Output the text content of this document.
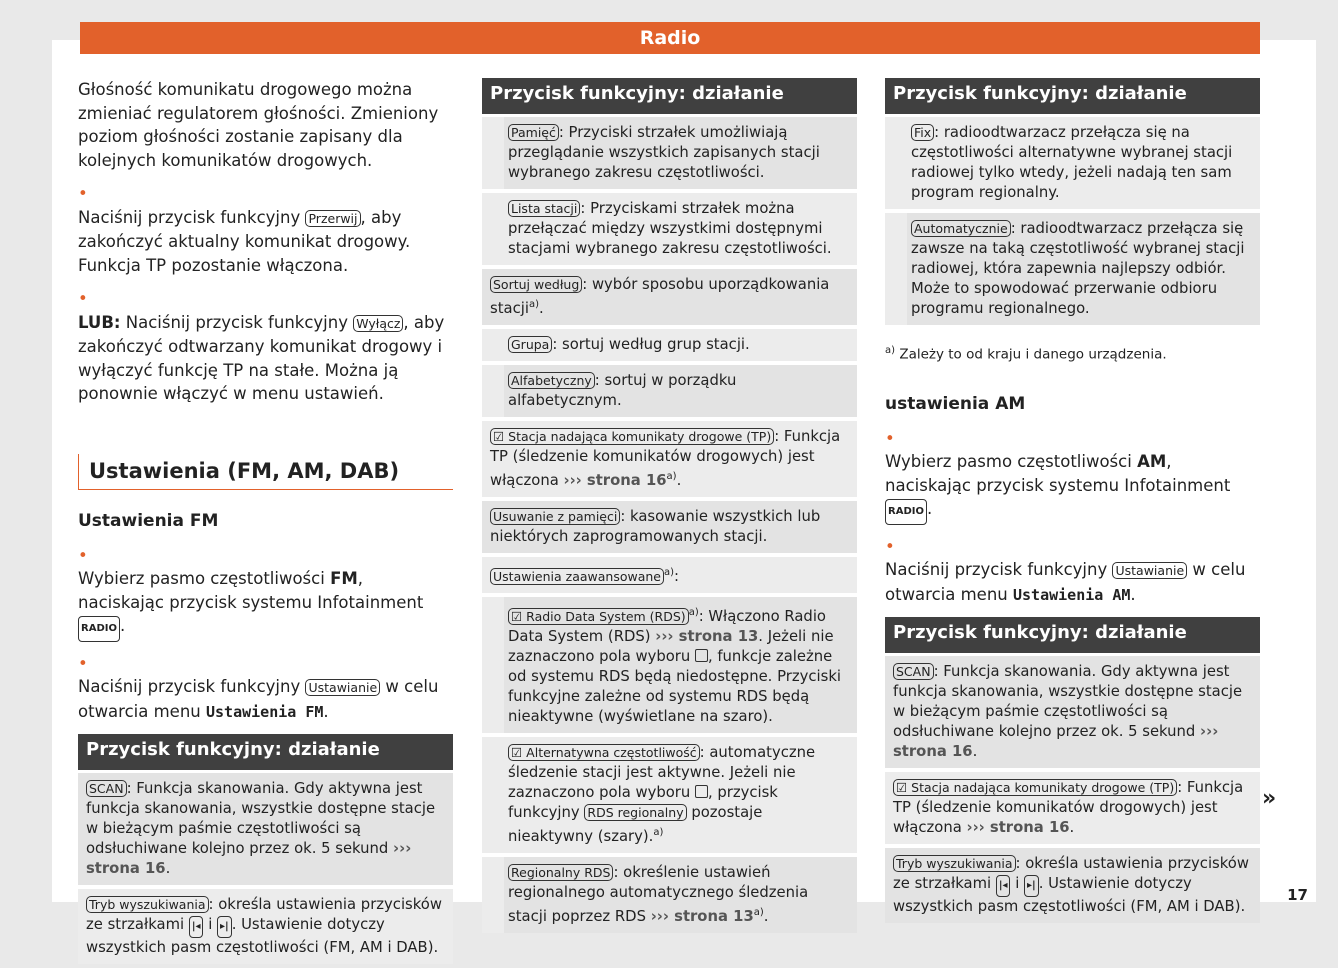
Radio

Głośność komunikatu drogowego można zmieniać regulatorem głośności. Zmieniony poziom głośności zostanie zapisany dla kolejnych komunikatów drogowych.

• Naciśnij przycisk funkcyjny Przerwij , aby zakończyć aktualny komunikat drogowy. Funkcja TP pozostanie włączona.

• LUB: Naciśnij przycisk funkcyjny Wyłącz , aby zakończyć odtwarzany komunikat drogowy i wyłączyć funkcję TP na stałe. Można ją ponownie włączyć w menu ustawień.

Ustawienia (FM, AM, DAB)
Ustawienia FM

• Wybierz pasmo częstotliwości FM, naciskając przycisk systemu Infotainment RADIO .

• Naciśnij przycisk funkcyjny Ustawianie w celu otwarcia menu Ustawienia FM.

Przycisk funkcyjny: działanie
SCAN : Funkcja skanowania. Gdy aktywna jest funkcja skanowania, wszystkie dostępne stacje w bieżącym paśmie częstotliwości są odsłuchiwane kolejno przez ok. 5 sekund ››› strona 16.
Tryb wyszukiwania : określa ustawienia przycisków ze strzałkami |◂ i ▸| . Ustawienie dotyczy wszystkich pasm częstotliwości (FM, AM i DAB).
Przycisk funkcyjny: działanie
Pamięć : Przyciski strzałek umożliwiają przeglądanie wszystkich zapisanych stacji wybranego zakresu częstotliwości.
Lista stacji : Przyciskami strzałek można przełączać między wszystkimi dostępnymi stacjami wybranego zakresu częstotliwości.
Sortuj według : wybór sposobu uporządkowania stacji$^{a)}$.
Grupa : sortuj według grup stacji.
Alfabetyczny : sortuj w porządku alfabetycznym.
☑ Stacja nadająca komunikaty drogowe (TP) : Funkcja TP (śledzenie komunikatów drogowych) jest włączona ››› strona 16$^{a)}$.
Usuwanie z pamięci : kasowanie wszystkich lub niektórych zaprogramowanych stacji.
Ustawienia zaawansowane $^{a)}$:
☑ Radio Data System (RDS) $^{a)}$: Włączono Radio Data System (RDS) ››› strona 13. Jeżeli nie zaznaczono pola wyboru , funkcje zależne od systemu RDS będą niedostępne. Przyciski funkcyjne zależne od systemu RDS będą nieaktywne (wyświetlane na szaro).
☑ Alternatywna częstotliwość : automatyczne śledzenie stacji jest aktywne. Jeżeli nie zaznaczono pola wyboru , przycisk funkcyjny RDS regionalny pozostaje nieaktywny (szary).$^{a)}$
Regionalny RDS : określenie ustawień regionalnego automatycznego śledzenia stacji poprzez RDS ››› strona 13$^{a)}$.
Przycisk funkcyjny: działanie
Fix : radioodtwarzacz przełącza się na częstotliwości alternatywne wybranej stacji radiowej tylko wtedy, jeżeli nadają ten sam program regionalny.
Automatycznie : radioodtwarzacz przełącza się zawsze na taką częstotliwość wybranej stacji radiowej, która zapewnia najlepszy odbiór. Może to spowodować przerwanie odbioru programu regionalnego.
$^{a)}$ Zależy to od kraju i danego urządzenia.
ustawienia AM

• Wybierz pasmo częstotliwości AM, naciskając przycisk systemu Infotainment RADIO .

• Naciśnij przycisk funkcyjny Ustawianie w celu otwarcia menu Ustawienia AM.

Przycisk funkcyjny: działanie
SCAN : Funkcja skanowania. Gdy aktywna jest funkcja skanowania, wszystkie dostępne stacje w bieżącym paśmie częstotliwości są odsłuchiwane kolejno przez ok. 5 sekund ››› strona 16.
☑ Stacja nadająca komunikaty drogowe (TP) : Funkcja TP (śledzenie komunikatów drogowych) jest włączona ››› strona 16.
Tryb wyszukiwania : określa ustawienia przycisków ze strzałkami |◂ i ▸| . Ustawienie dotyczy wszystkich pasm częstotliwości (FM, AM i DAB).
»
17
